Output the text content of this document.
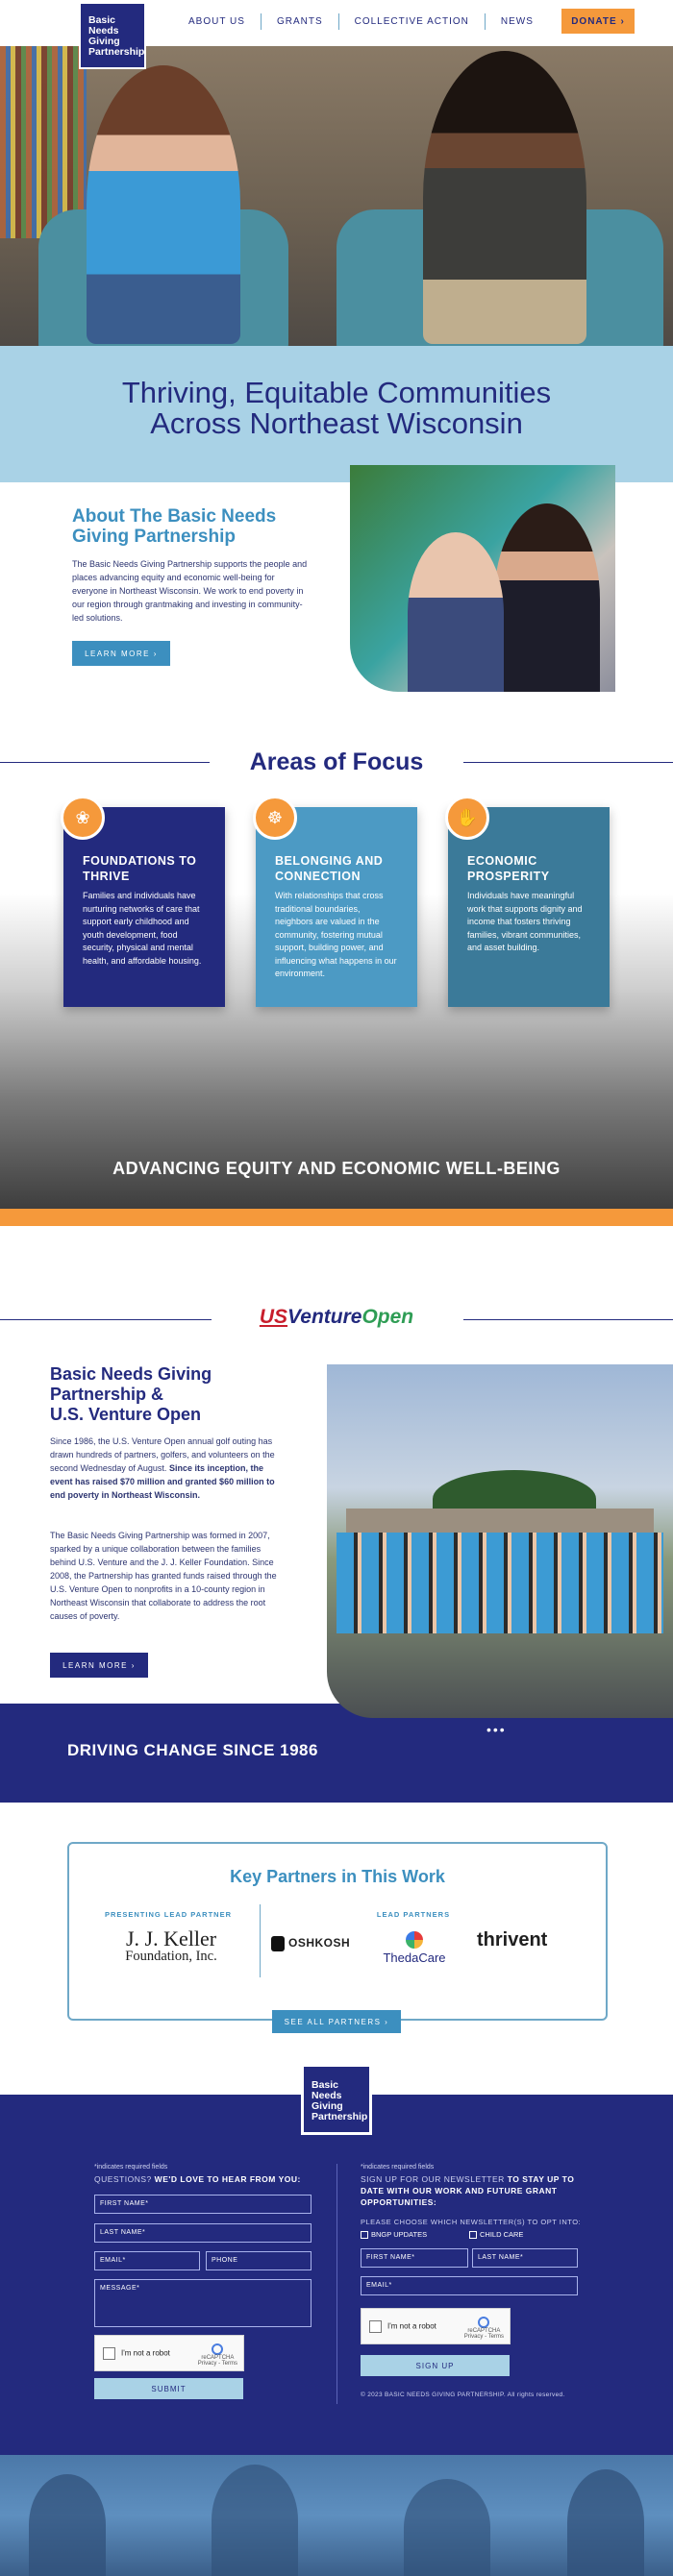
ABOUT US	GRANTS	COLLECTIVE ACTION	NEWS	DONATE ›
Basic
Needs
Giving
Partnership
Thriving, Equitable Communities
Across Northeast Wisconsin
About The Basic Needs Giving Partnership

The Basic Needs Giving Partnership supports the people and places advancing equity and economic well-being for everyone in Northeast Wisconsin. We work to end poverty in our region through grantmaking and investing in community-led solutions.

LEARN MORE ›
Areas of Focus
❀
FOUNDATIONS TO THRIVE

Families and individuals have nurturing networks of care that support early childhood and youth development, food security, physical and mental health, and affordable housing.

☸
BELONGING AND CONNECTION

With relationships that cross traditional boundaries, neighbors are valued in the community, fostering mutual support, building power, and influencing what happens in our environment.

✋
ECONOMIC PROSPERITY

Individuals have meaningful work that supports dignity and income that fosters thriving families, vibrant communities, and asset building.

ADVANCING EQUITY AND ECONOMIC WELL-BEING
USVentureOpen
Basic Needs Giving
Partnership &
U.S. Venture Open

Since 1986, the U.S. Venture Open annual golf outing has drawn hundreds of partners, golfers, and volunteers on the second Wednesday of August. Since its inception, the event has raised $70 million and granted $60 million to end poverty in Northeast Wisconsin.

The Basic Needs Giving Partnership was formed in 2007, sparked by a unique collaboration between the families behind U.S. Venture and the J. J. Keller Foundation. Since 2008, the Partnership has granted funds raised through the U.S. Venture Open to nonprofits in a 10-county region in Northeast Wisconsin that collaborate to address the root causes of poverty.

LEARN MORE ›
DRIVING CHANGE SINCE 1986
•••
Key Partners in This Work
PRESENTING LEAD PARTNER	LEAD PARTNERS
J. J. Keller
Foundation, Inc.
OSHKOSH
ThedaCare
thrivent
SEE ALL PARTNERS ›
Basic
Needs
Giving
Partnership
*indicates required fields
QUESTIONS? WE'D LOVE TO HEAR FROM YOU:
FIRST NAME*
LAST NAME*
EMAIL*	PHONE
MESSAGE*
I'm not a robot
reCAPTCHA
Privacy - Terms
SUBMIT
*indicates required fields
SIGN UP FOR OUR NEWSLETTER TO STAY UP TO DATE WITH OUR WORK AND FUTURE GRANT OPPORTUNITIES:
PLEASE CHOOSE WHICH NEWSLETTER(S) TO OPT INTO:
BNGP UPDATES	CHILD CARE
FIRST NAME*	LAST NAME*
EMAIL*
I'm not a robot
reCAPTCHA
Privacy - Terms
SIGN UP
© 2023 BASIC NEEDS GIVING PARTNERSHIP. All rights reserved.
